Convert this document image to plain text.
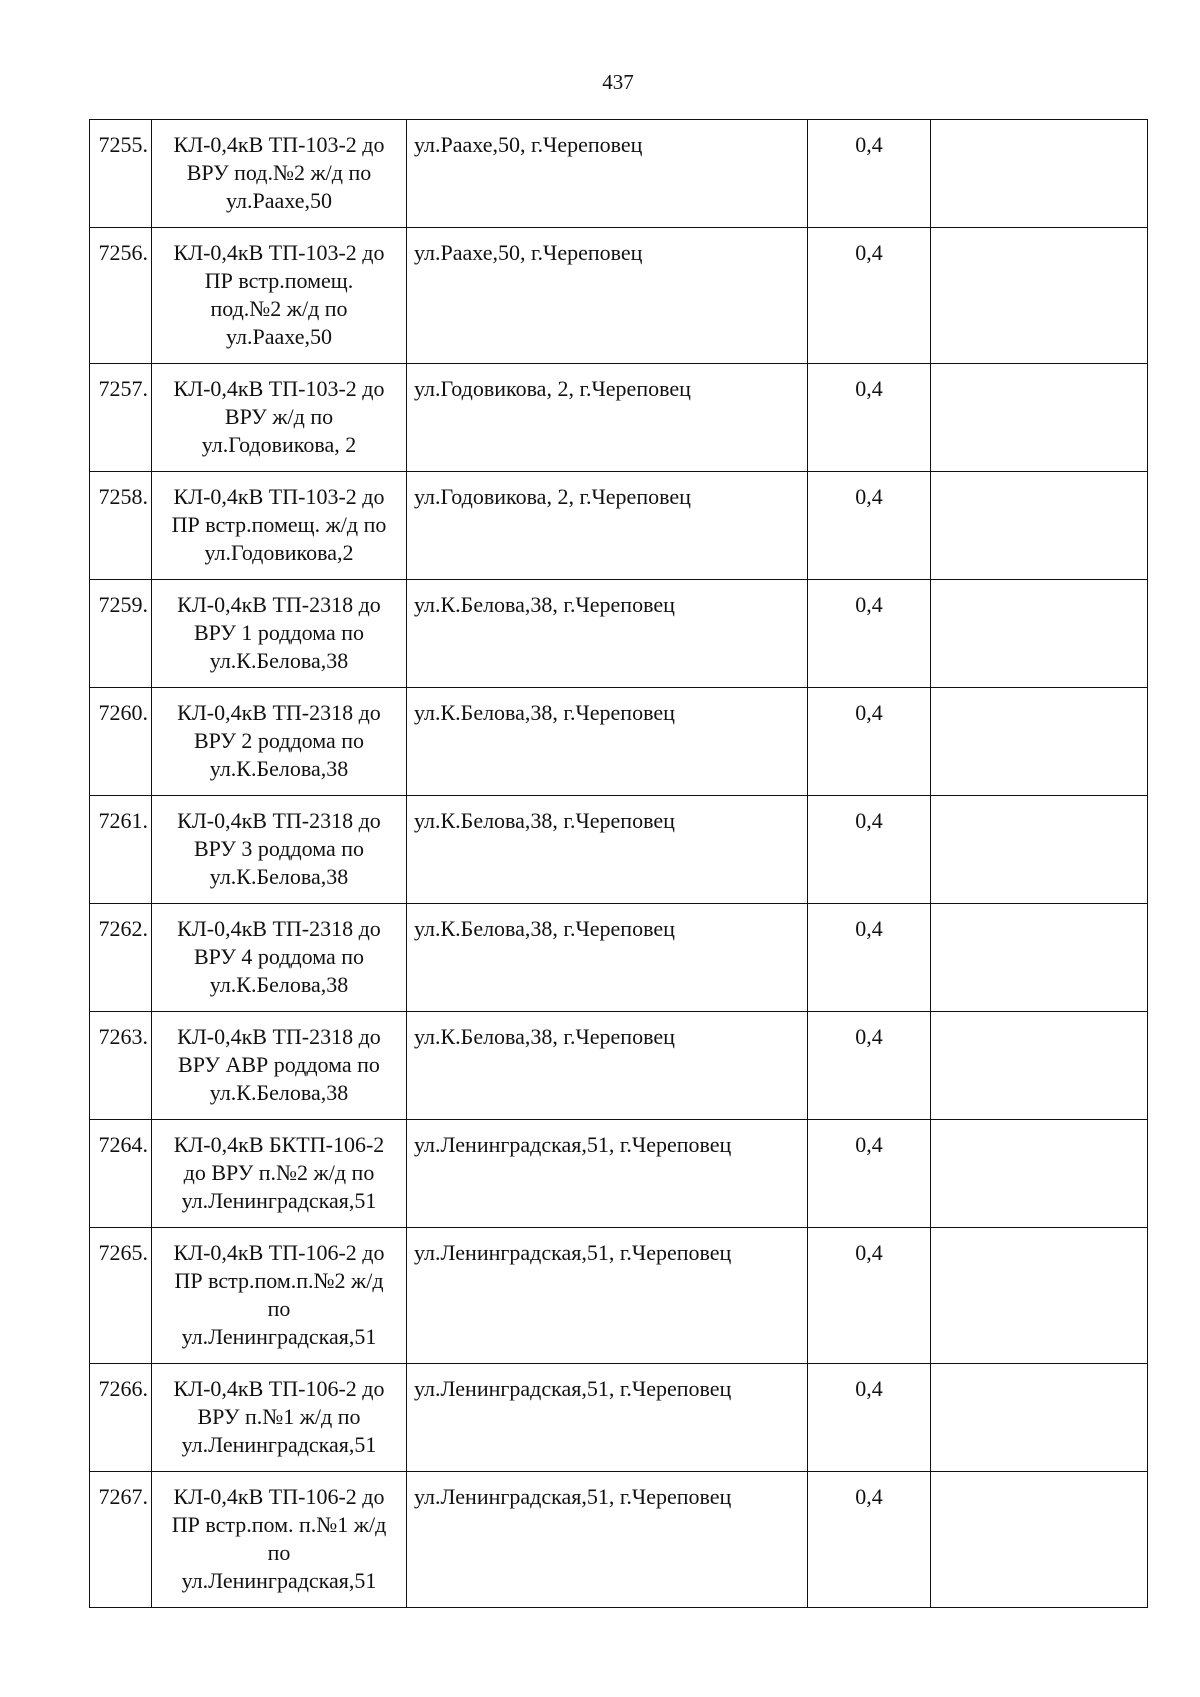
437
7255.	КЛ-0,4кВ ТП-103-2 до
ВРУ под.№2 ж/д по
ул.Раахе,50	ул.Раахе,50, г.Череповец	0,4	
7256.	КЛ-0,4кВ ТП-103-2 до
ПР встр.помещ.
под.№2 ж/д по
ул.Раахе,50	ул.Раахе,50, г.Череповец	0,4	
7257.	КЛ-0,4кВ ТП-103-2 до
ВРУ ж/д по
ул.Годовикова, 2	ул.Годовикова, 2, г.Череповец	0,4	
7258.	КЛ-0,4кВ ТП-103-2 до
ПР встр.помещ. ж/д по
ул.Годовикова,2	ул.Годовикова, 2, г.Череповец	0,4	
7259.	КЛ-0,4кВ ТП-2318 до
ВРУ 1 роддома по
ул.К.Белова,38	ул.К.Белова,38, г.Череповец	0,4	
7260.	КЛ-0,4кВ ТП-2318 до
ВРУ 2 роддома по
ул.К.Белова,38	ул.К.Белова,38, г.Череповец	0,4	
7261.	КЛ-0,4кВ ТП-2318 до
ВРУ 3 роддома по
ул.К.Белова,38	ул.К.Белова,38, г.Череповец	0,4	
7262.	КЛ-0,4кВ ТП-2318 до
ВРУ 4 роддома по
ул.К.Белова,38	ул.К.Белова,38, г.Череповец	0,4	
7263.	КЛ-0,4кВ ТП-2318 до
ВРУ АВР роддома по
ул.К.Белова,38	ул.К.Белова,38, г.Череповец	0,4	
7264.	КЛ-0,4кВ БКТП-106-2
до ВРУ п.№2 ж/д по
ул.Ленинградская,51	ул.Ленинградская,51, г.Череповец	0,4	
7265.	КЛ-0,4кВ ТП-106-2 до
ПР встр.пом.п.№2 ж/д
по
ул.Ленинградская,51	ул.Ленинградская,51, г.Череповец	0,4	
7266.	КЛ-0,4кВ ТП-106-2 до
ВРУ п.№1 ж/д по
ул.Ленинградская,51	ул.Ленинградская,51, г.Череповец	0,4	
7267.	КЛ-0,4кВ ТП-106-2 до
ПР встр.пом. п.№1 ж/д
по
ул.Ленинградская,51	ул.Ленинградская,51, г.Череповец	0,4	
